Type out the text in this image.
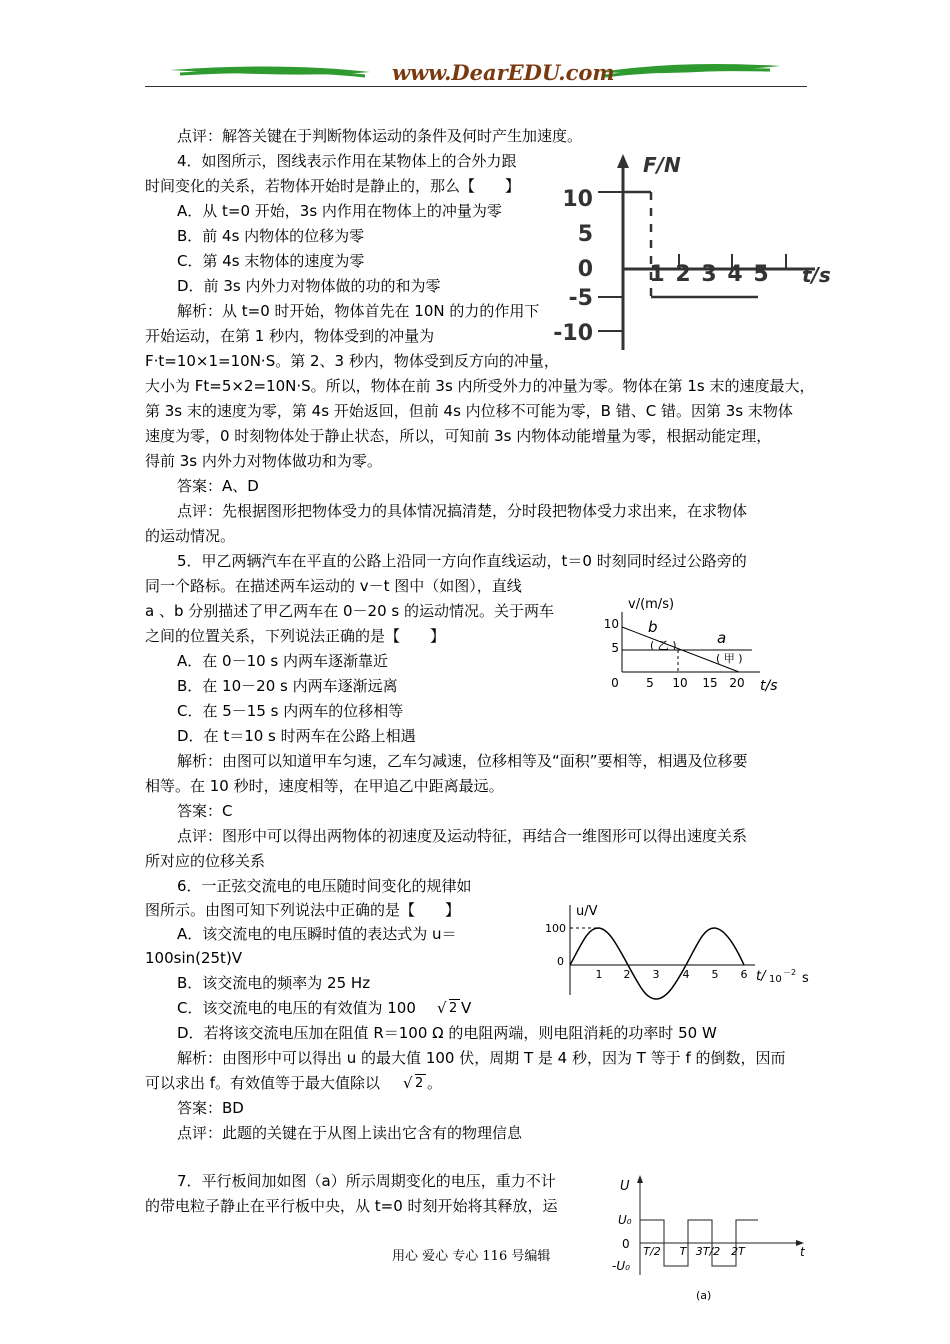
www.DearEDU.com
点评：解答关键在于判断物体运动的条件及何时产生加速度。
4．如图所示，图线表示作用在某物体上的合外力跟
时间变化的关系，若物体开始时是静止的，那么【　　】
A．从 t=0 开始，3s 内作用在物体上的冲量为零
B．前 4s 内物体的位移为零
C．第 4s 末物体的速度为零
D．前 3s 内外力对物体做的功的和为零
解析：从 t=0 时开始，物体首先在 10N 的力的作用下
开始运动，在第 1 秒内，物体受到的冲量为
F·t=10×1=10N·S。第 2、3 秒内，物体受到反方向的冲量，
大小为 Ft=5×2=10N·S。所以，物体在前 3s 内所受外力的冲量为零。物体在第 1s 末的速度最大，
第 3s 末的速度为零，第 4s 开始返回，但前 4s 内位移不可能为零，B 错、C 错。因第 3s 末物体
速度为零，0 时刻物体处于静止状态，所以，可知前 3s 内物体动能增量为零，根据动能定理，
得前 3s 内外力对物体做功和为零。
答案：A、D
点评：先根据图形把物体受力的具体情况搞清楚，分时段把物体受力求出来，在求物体
的运动情况。
5．甲乙两辆汽车在平直的公路上沿同一方向作直线运动，t＝0 时刻同时经过公路旁的
同一个路标。在描述两车运动的 v－t 图中（如图），直线
a 、b 分别描述了甲乙两车在 0－20 s 的运动情况。关于两车
之间的位置关系，下列说法正确的是【　　】
A．在 0－10 s 内两车逐渐靠近
B．在 10－20 s 内两车逐渐远离
C．在 5－15 s 内两车的位移相等
D．在 t＝10 s 时两车在公路上相遇
解析：由图可以知道甲车匀速，乙车匀减速，位移相等及“面积”要相等，相遇及位移要
相等。在 10 秒时，速度相等，在甲追乙中距离最远。
答案：C
点评：图形中可以得出两物体的初速度及运动特征，再结合一维图形可以得出速度关系
所对应的位移关系
6．一正弦交流电的电压随时间变化的规律如
图所示。由图可知下列说法中正确的是【　　】
A．该交流电的电压瞬时值的表达式为 u＝
100sin(25t)V
B．该交流电的频率为 25 Hz
C．该交流电的电压的有效值为 100 √ 2 V
D．若将该交流电压加在阻值 R＝100 Ω 的电阻两端，则电阻消耗的功率时 50 W
解析：由图形中可以得出 u 的最大值 100 伏，周期 T 是 4 秒，因为 T 等于 f 的倒数，因而
可以求出 f。有效值等于最大值除以 √ 2 。
答案：BD
点评：此题的关键在于从图上读出它含有的物理信息
7．平行板间加如图（a）所示周期变化的电压，重力不计
的带电粒子静止在平行板中央，从 t=0 时刻开始将其释放，运
F/N
10
5
0
-5
-10
1 2 3 4 5 t/s
v/(m/s)
10
5
0 5 10 15 20 t/s
b
( 乙 )	a
( 甲 )
u/V
100
0
1 2 3 4 5 6 t/ 10
－2 s
U
U₀
0
-U₀
T/2 T 3T/2 2T	t
(a)
用心 爱心 专心 116 号编辑
